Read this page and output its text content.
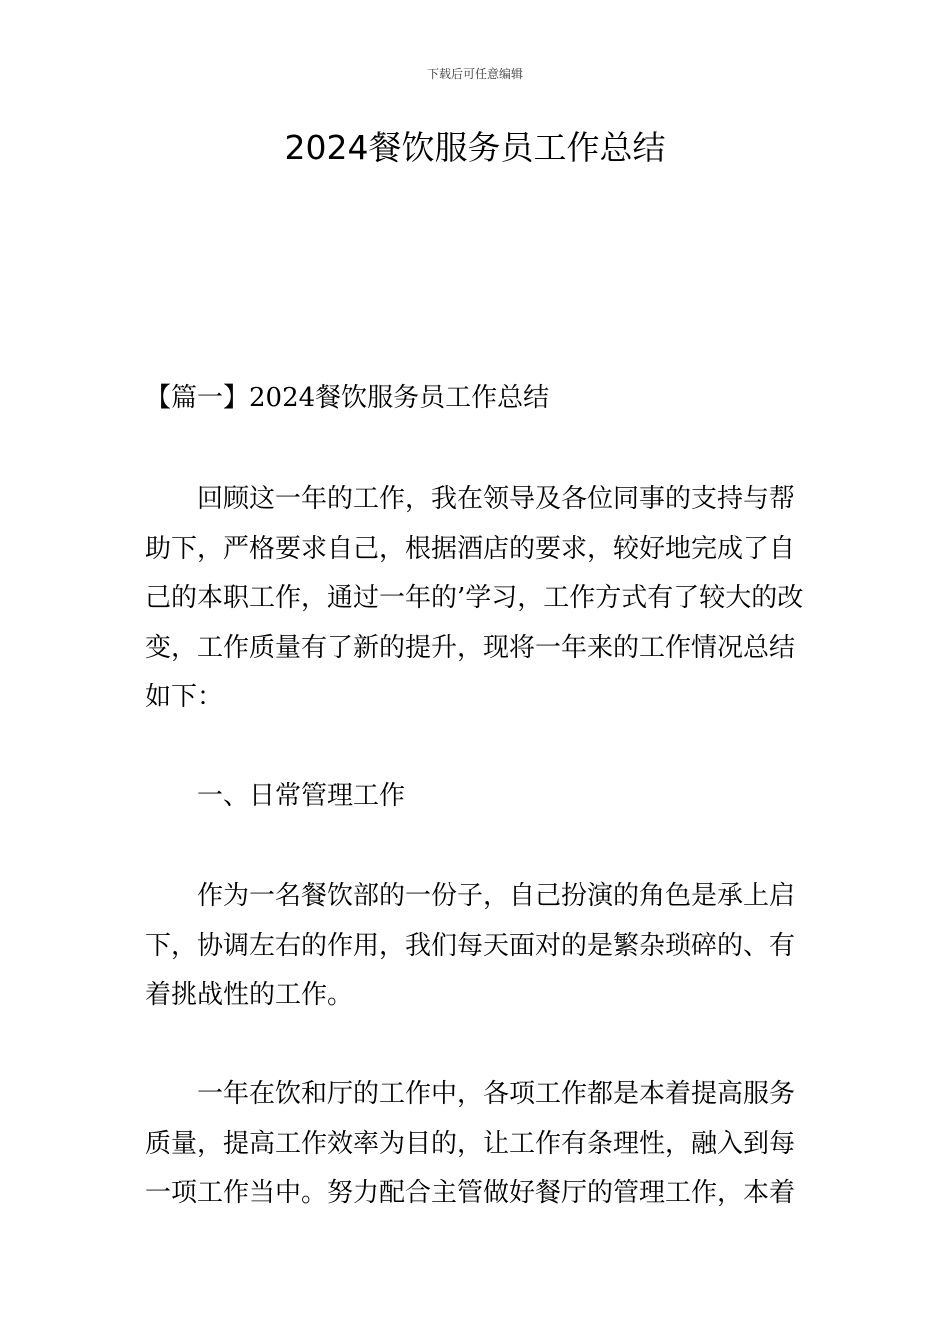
下载后可任意编辑
2024餐饮服务员工作总结

【篇一】2024餐饮服务员工作总结

回顾这一年的工作，我在领导及各位同事的支持与帮助下，严格要求自己，根据酒店的要求，较好地完成了自己的本职工作，通过一年的’学习，工作方式有了较大的改变，工作质量有了新的提升，现将一年来的工作情况总结如下：

一、日常管理工作

作为一名餐饮部的一份子，自己扮演的角色是承上启下，协调左右的作用，我们每天面对的是繁杂琐碎的、有着挑战性的工作。

一年在饮和厅的工作中，各项工作都是本着提高服务质量，提高工作效率为目的，让工作有条理性，融入到每一项工作当中。努力配合主管做好餐厅的管理工作，本着
